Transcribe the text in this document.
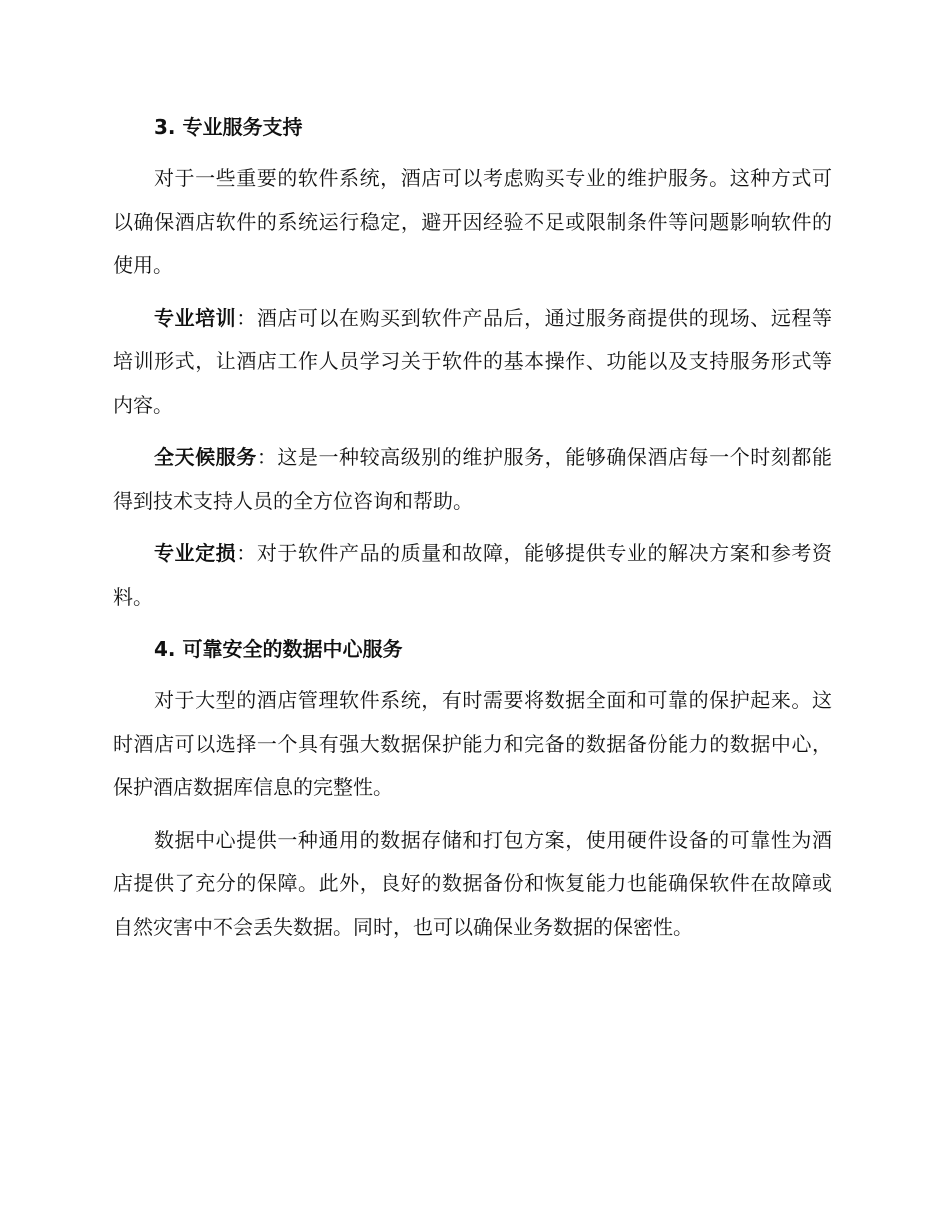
3. 专业服务支持

对于一些重要的软件系统，酒店可以考虑购买专业的维护服务。这种方式可以确保酒店软件的系统运行稳定，避开因经验不足或限制条件等问题影响软件的使用。

专业培训：酒店可以在购买到软件产品后，通过服务商提供的现场、远程等培训形式，让酒店工作人员学习关于软件的基本操作、功能以及支持服务形式等内容。

全天候服务：这是一种较高级别的维护服务，能够确保酒店每一个时刻都能得到技术支持人员的全方位咨询和帮助。

专业定损：对于软件产品的质量和故障，能够提供专业的解决方案和参考资料。

4. 可靠安全的数据中心服务

对于大型的酒店管理软件系统，有时需要将数据全面和可靠的保护起来。这时酒店可以选择一个具有强大数据保护能力和完备的数据备份能力的数据中心，保护酒店数据库信息的完整性。

数据中心提供一种通用的数据存储和打包方案，使用硬件设备的可靠性为酒店提供了充分的保障。此外，良好的数据备份和恢复能力也能确保软件在故障或自然灾害中不会丢失数据。同时，也可以确保业务数据的保密性。
